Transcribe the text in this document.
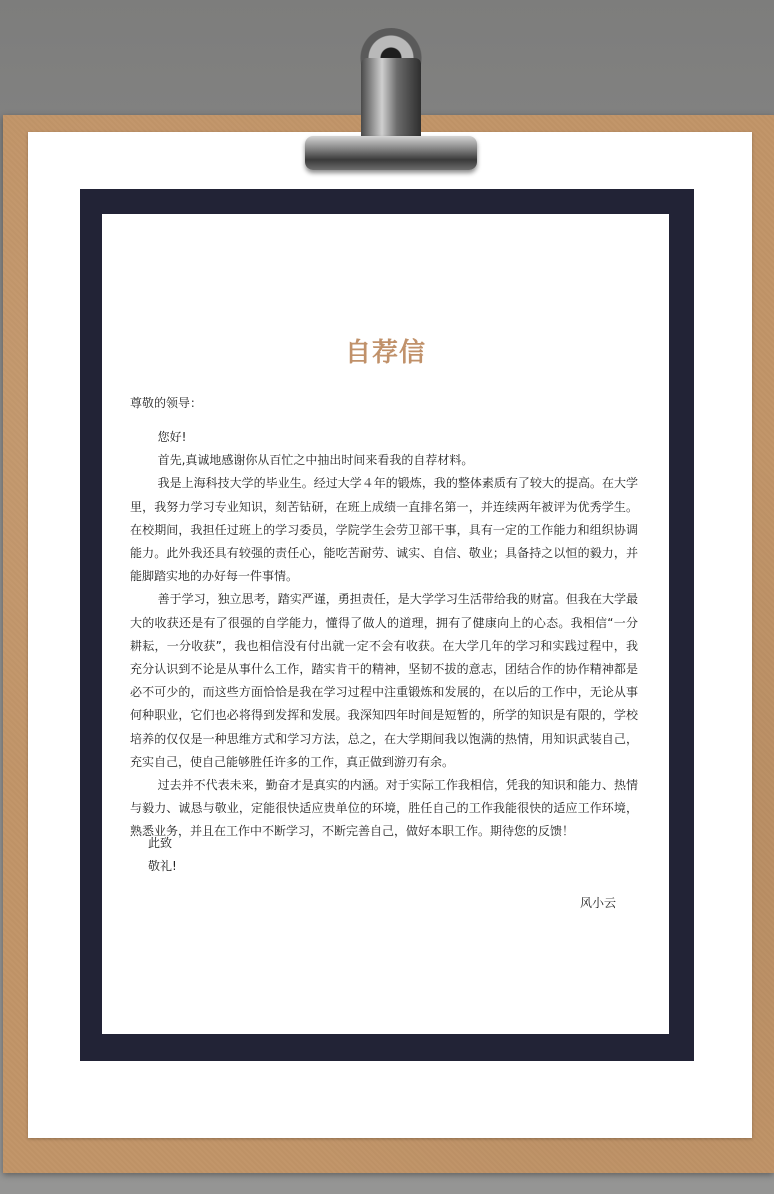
自荐信
尊敬的领导：

您好!

首先,真诚地感谢你从百忙之中抽出时间来看我的自荐材料。

我是上海科技大学的毕业生。经过大学４年的锻炼，我的整体素质有了较大的提高。在大学里，我努力学习专业知识，刻苦钻研，在班上成绩一直排名第一，并连续两年被评为优秀学生。在校期间，我担任过班上的学习委员，学院学生会劳卫部干事，具有一定的工作能力和组织协调能力。此外我还具有较强的责任心，能吃苦耐劳、诚实、自信、敬业；具备持之以恒的毅力，并能脚踏实地的办好每一件事情。

善于学习，独立思考，踏实严谨，勇担责任，是大学学习生活带给我的财富。但我在大学最大的收获还是有了很强的自学能力，懂得了做人的道理，拥有了健康向上的心态。我相信“一分耕耘，一分收获”，我也相信没有付出就一定不会有收获。在大学几年的学习和实践过程中，我充分认识到不论是从事什么工作，踏实肯干的精神，坚韧不拔的意志，团结合作的协作精神都是必不可少的，而这些方面恰恰是我在学习过程中注重锻炼和发展的，在以后的工作中，无论从事何种职业，它们也必将得到发挥和发展。我深知四年时间是短暂的，所学的知识是有限的，学校培养的仅仅是一种思维方式和学习方法，总之，在大学期间我以饱满的热情，用知识武装自己，充实自己，使自己能够胜任许多的工作，真正做到游刃有余。

过去并不代表未来，勤奋才是真实的内涵。对于实际工作我相信，凭我的知识和能力、热情与毅力、诚恳与敬业，定能很快适应贵单位的环境，胜任自己的工作我能很快的适应工作环境，熟悉业务，并且在工作中不断学习，不断完善自己，做好本职工作。期待您的反馈！

此致
敬礼!
风小云
